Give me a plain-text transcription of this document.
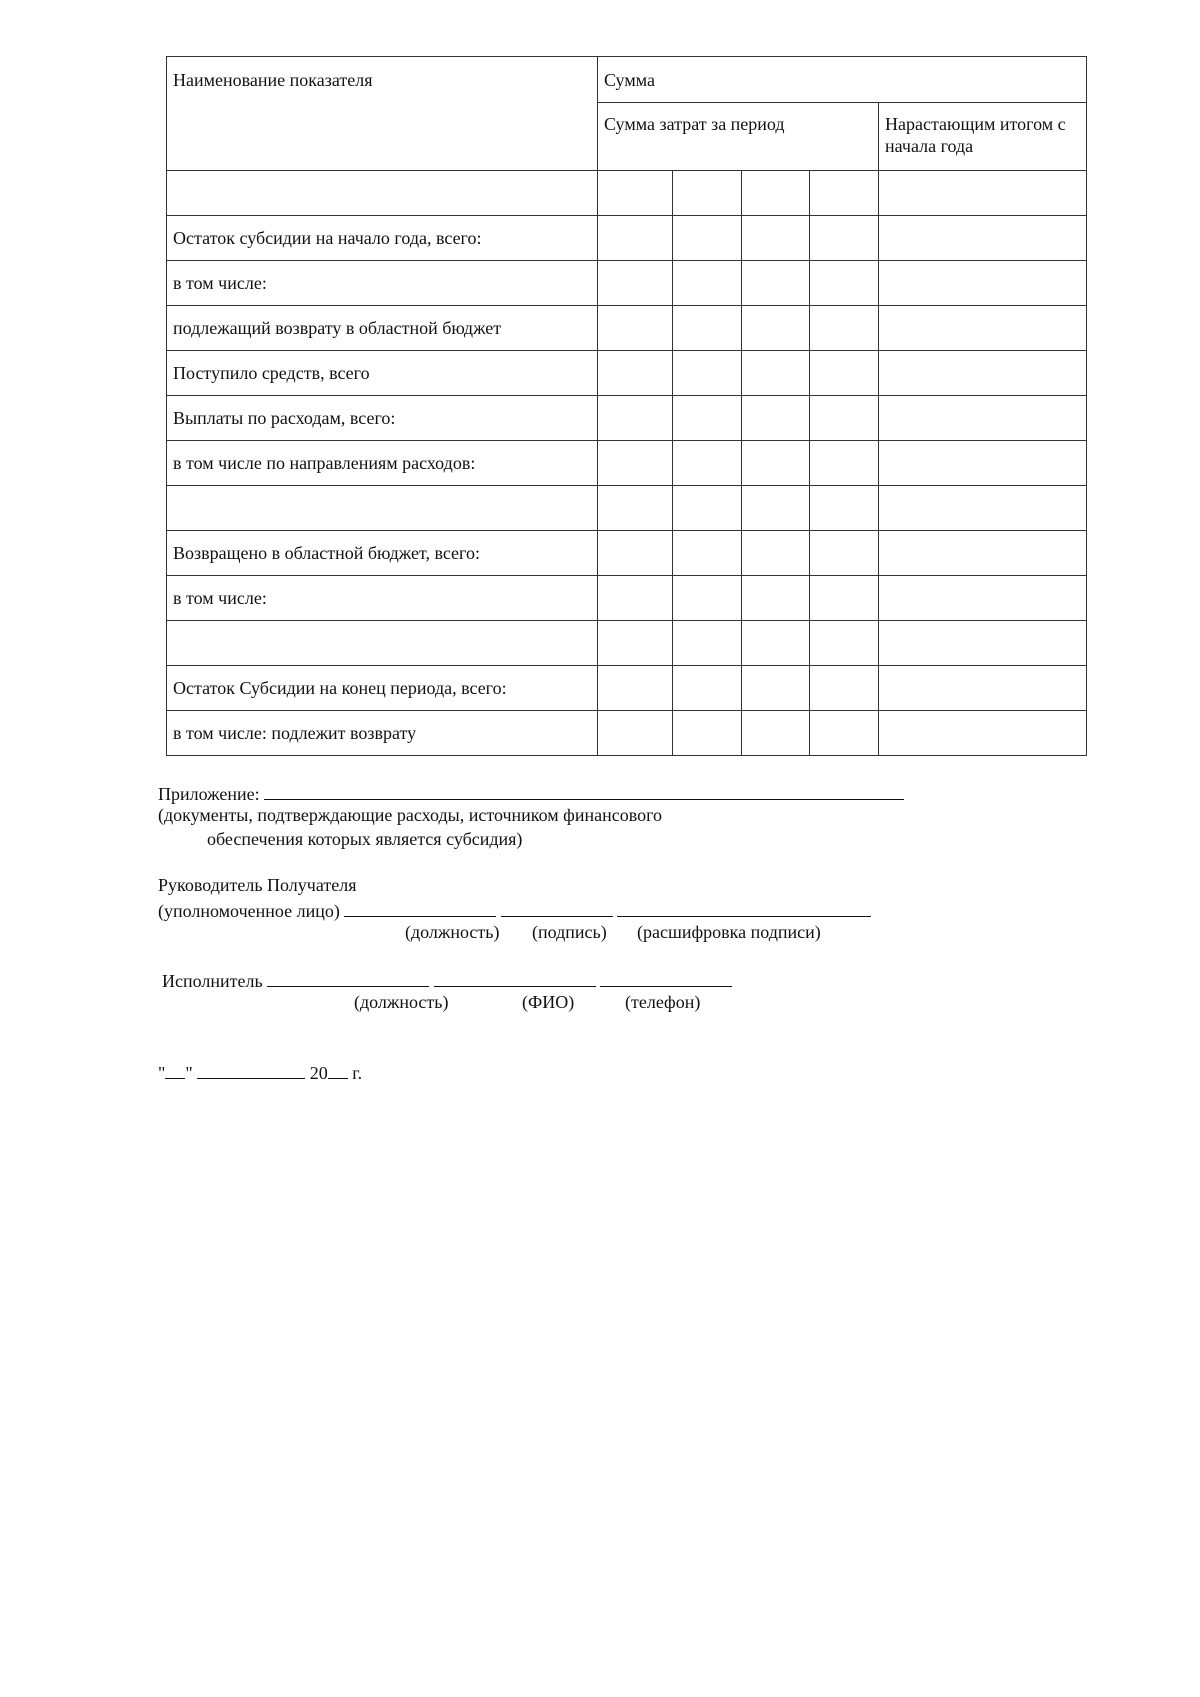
Наименование показателя	Сумма				
	Сумма затрат за период				Нарастающим итогом с начала года

Остаток субсидии на начало года, всего:					
в том числе:					
подлежащий возврату в областной бюджет					
Поступило средств, всего					
Выплаты по расходам, всего:					
в том числе по направлениям расходов:					

Возвращено в областной бюджет, всего:					
в том числе:					

Остаток Субсидии на конец периода, всего:					
в том числе: подлежит возврату					
Приложение:
(документы, подтверждающие расходы, источником финансового
обеспечения которых является субсидия)
Руководитель Получателя
(уполномоченное лицо)
(должность) (подпись) (расшифровка подписи)
Исполнитель
(должность)	(ФИО)	(телефон)
" "	20 г.
